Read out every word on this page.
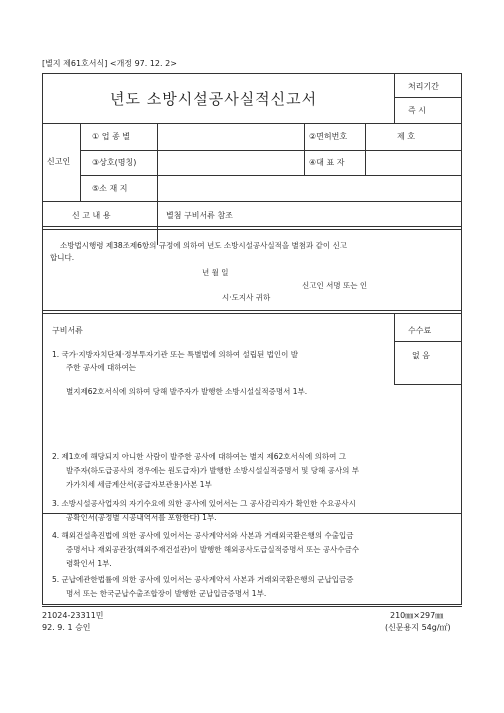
[별지 제61호서식] <개정 97. 12. 2>
년도 소방시설공사실적신고서
처리기간
즉 시
신고인
① 업 종 별	②면허번호	제 호
③상호(명칭)	④대 표 자
⑤소 재 지
신 고 내 용	별첨 구비서류 참조
소방법시행령 제38조제6항의 규정에 의하여 년도 소방시설공사실적을 별첨과 같이 신고
합니다.
년 월 일
신고인 서명 또는 인
시·도지사 귀하
구비서류	수수료
없 음
1. 국가·지방자치단체·정부투자기관 또는 특별법에 의하여 설립된 법인이 발
주한 공사에 대하여는
별지제62호서식에 의하여 당해 발주자가 발행한 소방시설실적증명서 1부.
2. 제1호에 해당되지 아니한 사람이 발주한 공사에 대하여는 별지 제62호서식에 의하여 그
발주자(하도급공사의 경우에는 원도급자)가 발행한 소방시설실적증명서 및 당해 공사의 부
가가치세 세금계산서(공급자보관용)사본 1부
3. 소방시설공사업자의 자기수요에 의한 공사에 있어서는 그 공사감리자가 확인한 수요공사시
공확인서(공정별 시공내역서를 포함한다) 1부.
4. 해외건설촉진법에 의한 공사에 있어서는 공사계약서와 사본과 거래외국환은행의 수출입금
증명서나 재외공관장(해외주재건설관)이 발행한 해외공사도급실적증명서 또는 공사수금수
령확인서 1부.
5. 군납에관한법률에 의한 공사에 있어서는 공사계약서 사본과 거래외국환은행의 군납입금증
명서 또는 한국군납수출조합장이 발행한 군납입금증명서 1부.
21024-23311민
92. 9. 1 승인
210㎜×297㎜
(신문용지 54g/㎡)
